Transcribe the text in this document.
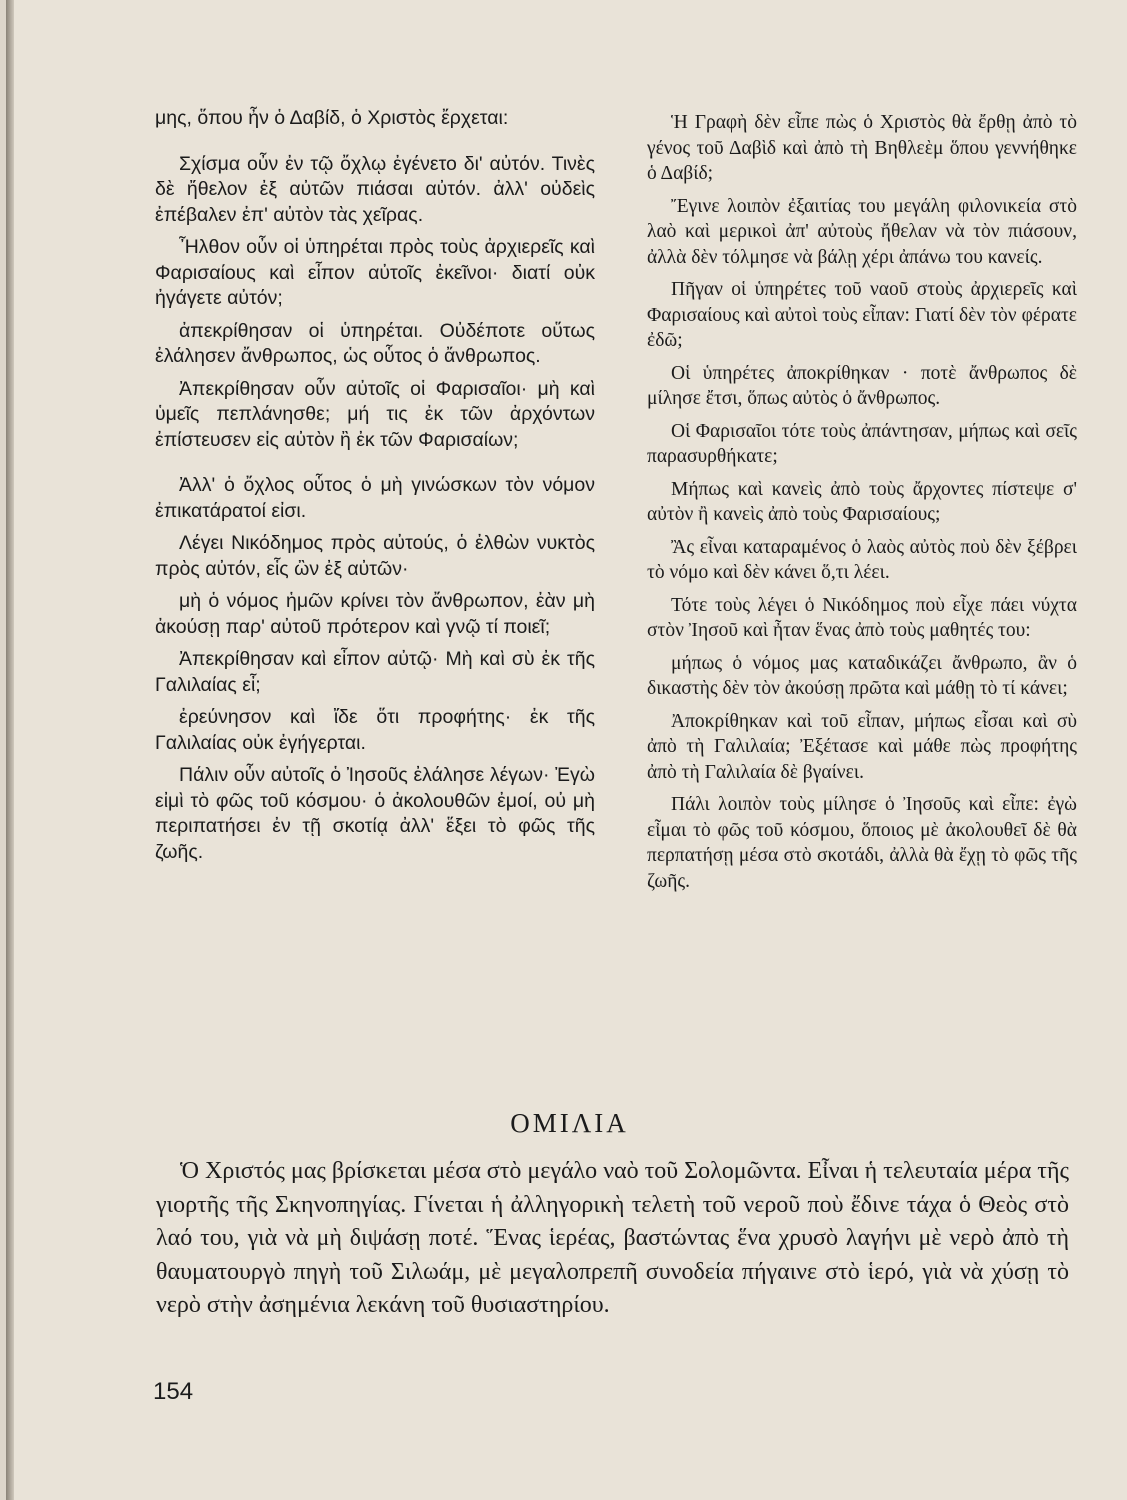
μης, ὅπου ἦν ὁ Δαβίδ, ὁ Χριστὸς ἔρχεται:

Σχίσμα οὖν ἐν τῷ ὄχλῳ ἐγένετο δι' αὐτόν. Τινὲς δὲ ἤθελον ἐξ αὐτῶν πιάσαι αὐτόν. ἀλλ' οὐδεὶς ἐπέβαλεν ἐπ' αὐτὸν τὰς χεῖρας.

Ἦλθον οὖν οἱ ὑπηρέται πρὸς τοὺς ἀρχιερεῖς καὶ Φαρισαίους καὶ εἶπον αὐτοῖς ἐκεῖνοι· διατί οὐκ ἠγάγετε αὐτόν;

ἀπεκρίθησαν οἱ ὑπηρέται. Οὐδέποτε οὕτως ἐλάλησεν ἄνθρωπος, ὡς οὗτος ὁ ἄνθρωπος.

Ἀπεκρίθησαν οὖν αὐτοῖς οἱ Φαρισαῖοι· μὴ καὶ ὑμεῖς πεπλάνησθε; μή τις ἐκ τῶν ἀρχόντων ἐπίστευσεν εἰς αὐτὸν ἢ ἐκ τῶν Φαρισαίων;

Ἀλλ' ὁ ὄχλος οὗτος ὁ μὴ γινώσκων τὸν νόμον ἐπικατάρατοί εἰσι.

Λέγει Νικόδημος πρὸς αὐτούς, ὁ ἐλθὼν νυκτὸς πρὸς αὐτόν, εἷς ὢν ἐξ αὐτῶν·

μὴ ὁ νόμος ἡμῶν κρίνει τὸν ἄνθρωπον, ἐὰν μὴ ἀκούσῃ παρ' αὐτοῦ πρότερον καὶ γνῷ τί ποιεῖ;

Ἀπεκρίθησαν καὶ εἶπον αὐτῷ· Μὴ καὶ σὺ ἐκ τῆς Γαλιλαίας εἶ;

ἐρεύνησον καὶ ἴδε ὅτι προφήτης· ἐκ τῆς Γαλιλαίας οὐκ ἐγήγερται.

Πάλιν οὖν αὐτοῖς ὁ Ἰησοῦς ἐλάλησε λέγων· Ἐγὼ εἰμὶ τὸ φῶς τοῦ κόσμου· ὁ ἀκολουθῶν ἐμοί, οὐ μὴ περιπατήσει ἐν τῇ σκοτίᾳ ἀλλ' ἕξει τὸ φῶς τῆς ζωῆς.

Ἡ Γραφὴ δὲν εἶπε πὼς ὁ Χριστὸς θὰ ἔρθῃ ἀπὸ τὸ γένος τοῦ Δαβὶδ καὶ ἀπὸ τὴ Βηθλεὲμ ὅπου γεννήθηκε ὁ Δαβίδ;

Ἔγινε λοιπὸν ἐξαιτίας του μεγάλη φιλονικεία στὸ λαὸ καὶ μερικοὶ ἀπ' αὐτοὺς ἤθελαν νὰ τὸν πιάσουν, ἀλλὰ δὲν τόλμησε νὰ βάλῃ χέρι ἀπάνω του κανείς.

Πῆγαν οἱ ὑπηρέτες τοῦ ναοῦ στοὺς ἀρχιερεῖς καὶ Φαρισαίους καὶ αὐτοὶ τοὺς εἶπαν: Γιατί δὲν τὸν φέρατε ἐδῶ;

Οἱ ὑπηρέτες ἀποκρίθηκαν · ποτὲ ἄνθρωπος δὲ μίλησε ἔτσι, ὅπως αὐτὸς ὁ ἄνθρωπος.

Οἱ Φαρισαῖοι τότε τοὺς ἀπάντησαν, μήπως καὶ σεῖς παρασυρθήκατε;

Μήπως καὶ κανεὶς ἀπὸ τοὺς ἄρχοντες πίστεψε σ' αὐτὸν ἢ κανεὶς ἀπὸ τοὺς Φαρισαίους;

Ἂς εἶναι καταραμένος ὁ λαὸς αὐτὸς ποὺ δὲν ξέβρει τὸ νόμο καὶ δὲν κάνει ὅ,τι λέει.

Τότε τοὺς λέγει ὁ Νικόδημος ποὺ εἶχε πάει νύχτα στὸν Ἰησοῦ καὶ ἦταν ἕνας ἀπὸ τοὺς μαθητές του:

μήπως ὁ νόμος μας καταδικάζει ἄνθρωπο, ἂν ὁ δικαστὴς δὲν τὸν ἀκούσῃ πρῶτα καὶ μάθῃ τὸ τί κάνει;

Ἀποκρίθηκαν καὶ τοῦ εἶπαν, μήπως εἶσαι καὶ σὺ ἀπὸ τὴ Γαλιλαία; Ἐξέτασε καὶ μάθε πὼς προφήτης ἀπὸ τὴ Γαλιλαία δὲ βγαίνει.

Πάλι λοιπὸν τοὺς μίλησε ὁ Ἰησοῦς καὶ εἶπε: ἐγὼ εἶμαι τὸ φῶς τοῦ κόσμου, ὅποιος μὲ ἀκολουθεῖ δὲ θὰ περπατήσῃ μέσα στὸ σκοτάδι, ἀλλὰ θὰ ἔχῃ τὸ φῶς τῆς ζωῆς.

ΟΜΙΛΙΑ

Ὁ Χριστός μας βρίσκεται μέσα στὸ μεγάλο ναὸ τοῦ Σολομῶντα. Εἶναι ἡ τελευταία μέρα τῆς γιορτῆς τῆς Σκηνοπηγίας. Γίνεται ἡ ἀλληγορικὴ τελετὴ τοῦ νεροῦ ποὺ ἔδινε τάχα ὁ Θεὸς στὸ λαό του, γιὰ νὰ μὴ διψάσῃ ποτέ. Ἕνας ἱερέας, βαστώντας ἕνα χρυσὸ λαγήνι μὲ νερὸ ἀπὸ τὴ θαυματουργὸ πηγὴ τοῦ Σιλωάμ, μὲ μεγαλοπρεπῆ συνοδεία πήγαινε στὸ ἱερό, γιὰ νὰ χύσῃ τὸ νερὸ στὴν ἀσημένια λεκάνη τοῦ θυσιαστηρίου.

154
